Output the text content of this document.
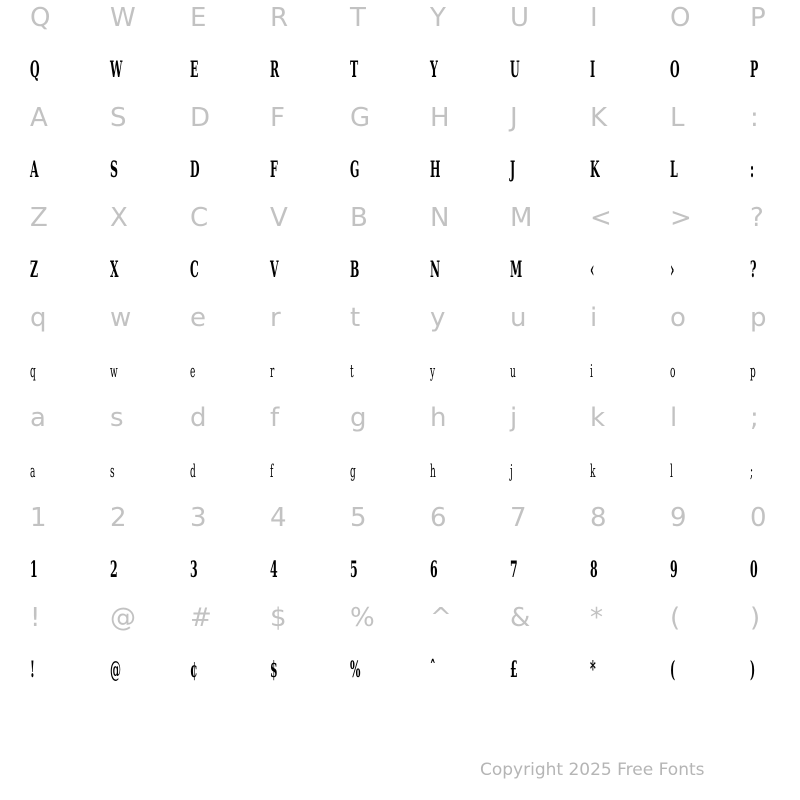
Q W E R T Y U I	O P
Q	W	E	R	T	Y	U	I	O	P
A S D F	G H J	K L	:
A	S	D	F	G	H	J	K	L	:
Z X C V B N M < > ?
Z	X	C	V	B	N	M	‹	›	?
q w e r	t	y u i	o p
q	w	e	r	t	y	u	i	o	p
a s	d f	g h j	k l	;
a	s	d	f	g	h	j	k	l	;
1 2 3 4 5 6 7 8 9 0
1	2	3	4	5	6	7	8	9	0
!	@ # $ % ^ & *	(	)
!	@	¢	$	%	ˆ	£	*	(	)
Copyright 2025 Free Fonts
